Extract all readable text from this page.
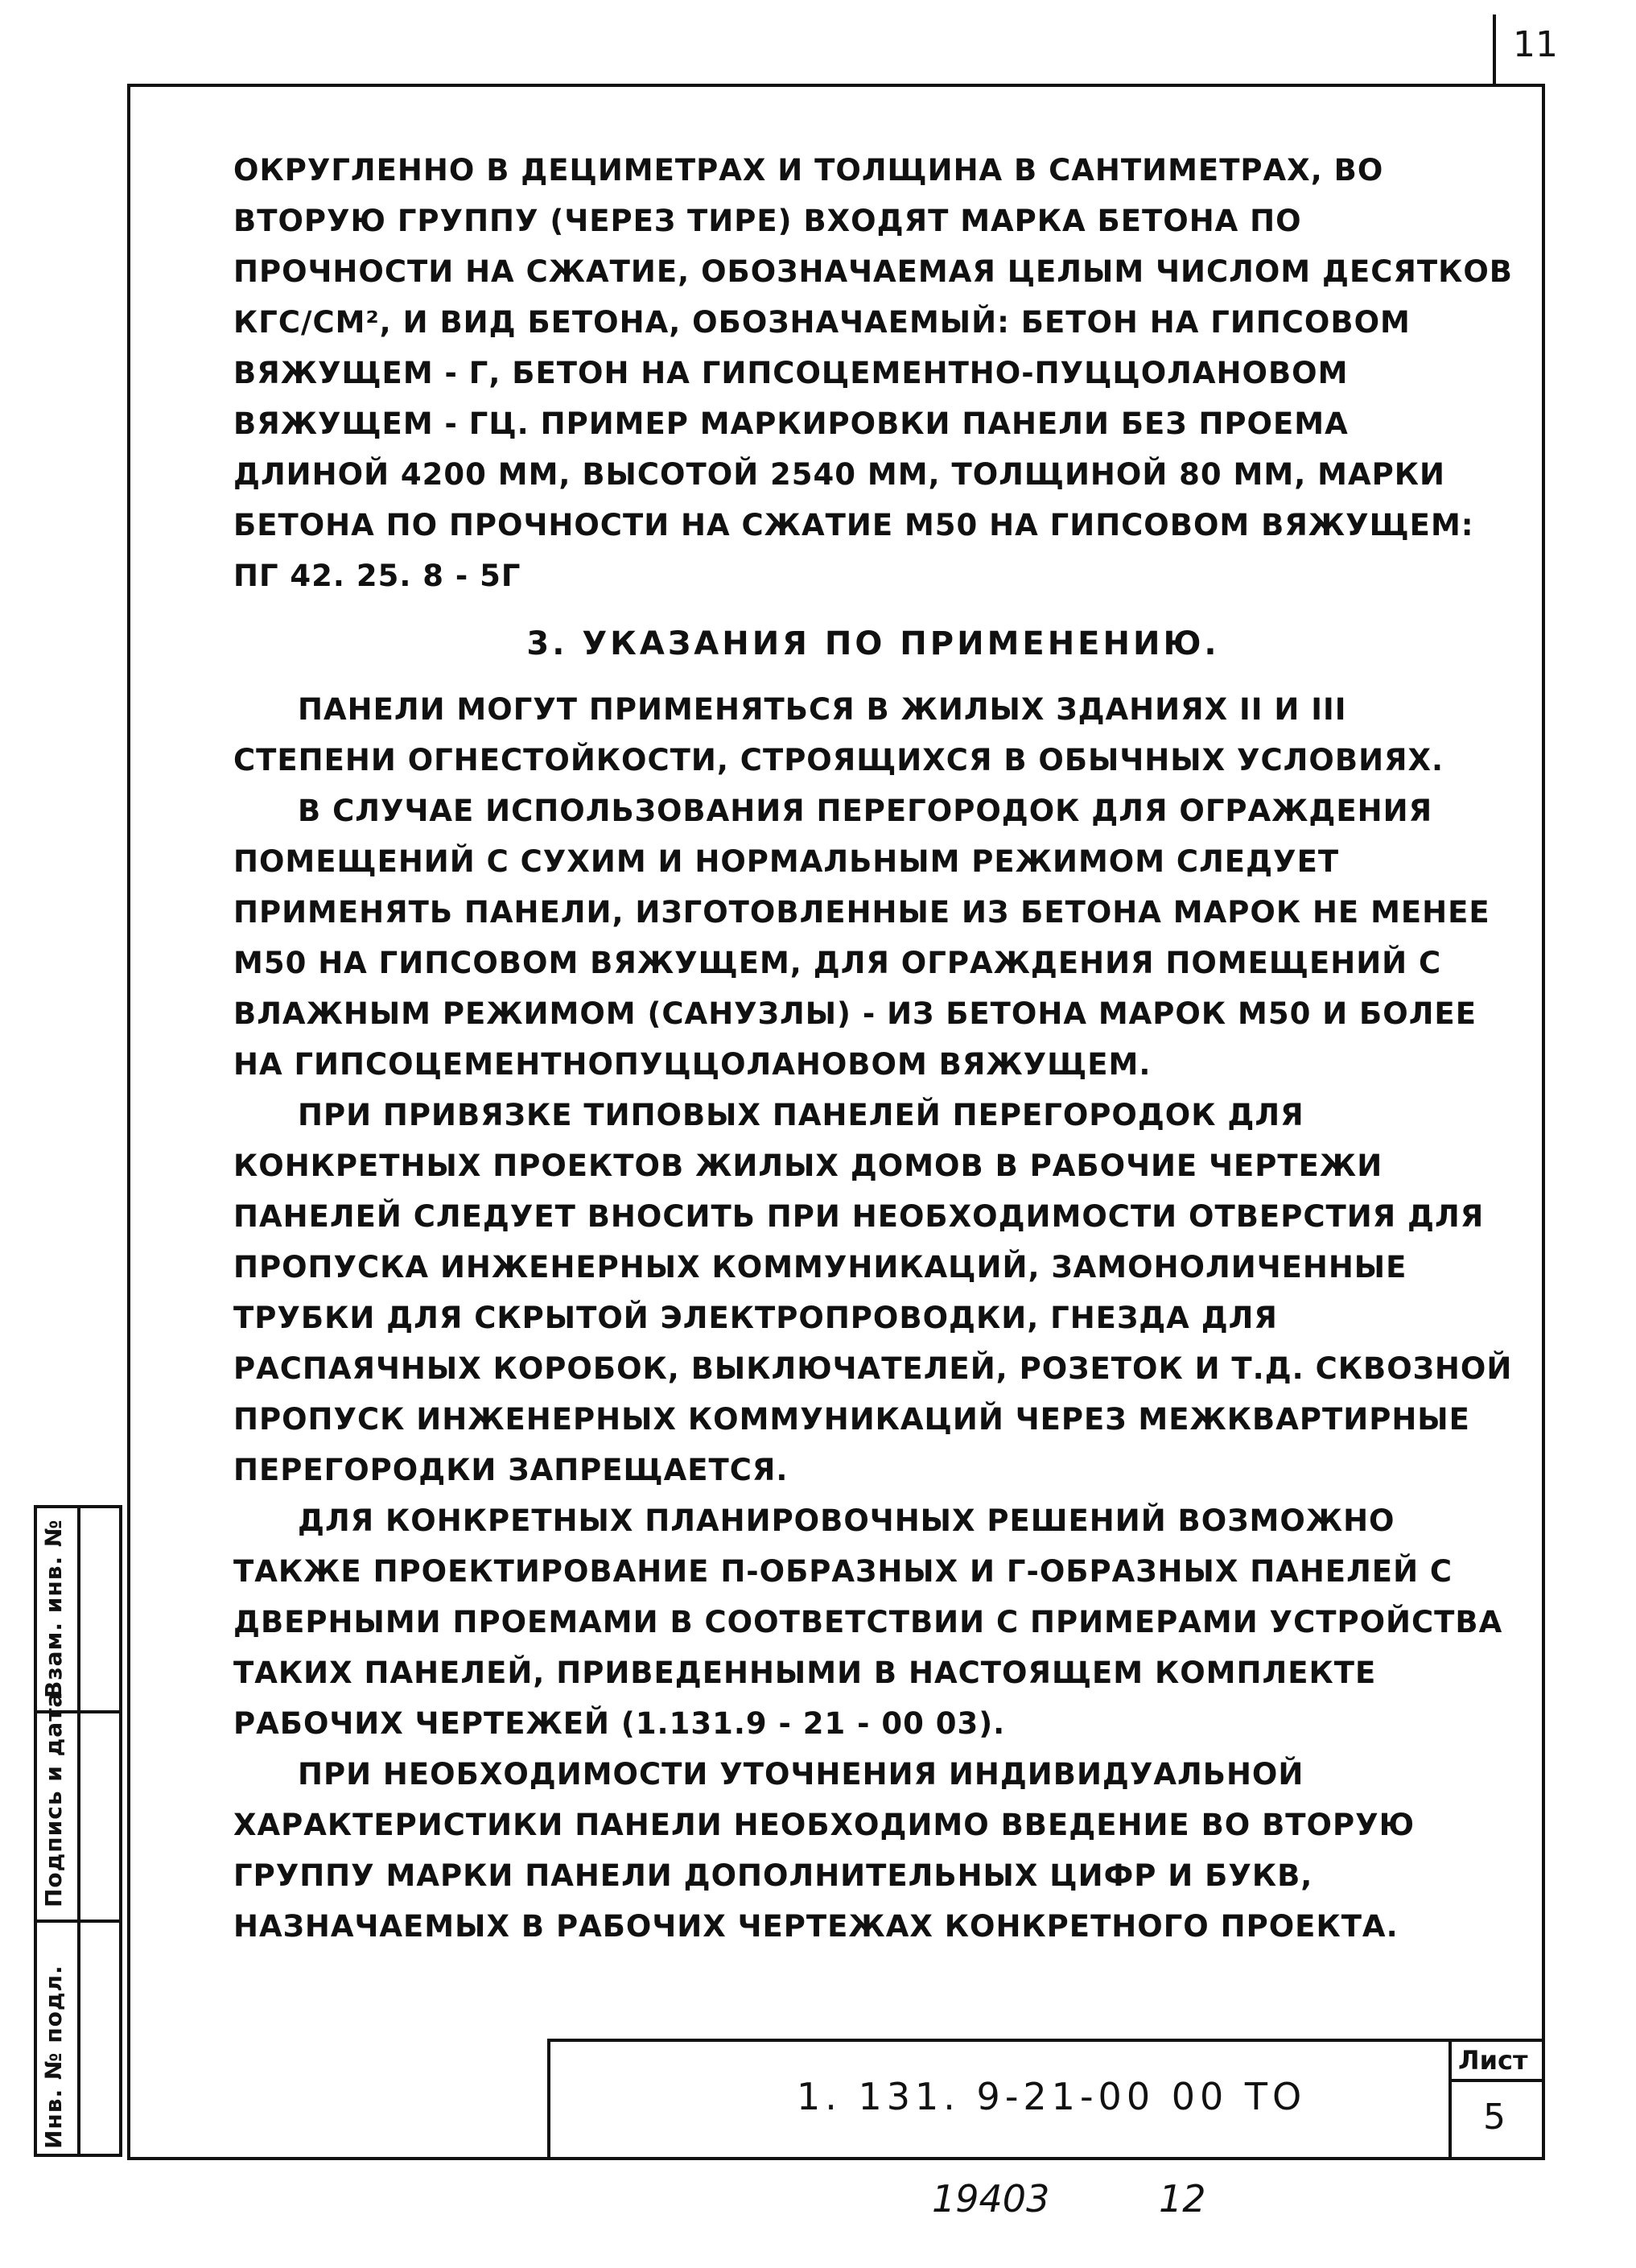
11

ОКРУГЛЕННО В ДЕЦИМЕТРАХ И ТОЛЩИНА В САНТИМЕТРАХ, ВО ВТОРУЮ ГРУППУ (ЧЕРЕЗ ТИРЕ) ВХОДЯТ МАРКА БЕТОНА ПО ПРОЧНОСТИ НА СЖАТИЕ, ОБОЗНАЧАЕМАЯ ЦЕЛЫМ ЧИСЛОМ ДЕСЯТКОВ КГС/СМ², И ВИД БЕТОНА, ОБОЗНАЧАЕМЫЙ: БЕТОН НА ГИПСОВОМ ВЯЖУЩЕМ - Г, БЕТОН НА ГИПСОЦЕМЕНТНО-ПУЦЦОЛАНОВОМ ВЯЖУЩЕМ - ГЦ. ПРИМЕР МАРКИРОВКИ ПАНЕЛИ БЕЗ ПРОЕМА ДЛИНОЙ 4200 ММ, ВЫСОТОЙ 2540 ММ, ТОЛЩИНОЙ 80 ММ, МАРКИ БЕТОНА ПО ПРОЧНОСТИ НА СЖАТИЕ М50 НА ГИПСОВОМ ВЯЖУЩЕМ: ПГ 42. 25. 8 - 5Г

3. УКАЗАНИЯ ПО ПРИМЕНЕНИЮ.

ПАНЕЛИ МОГУТ ПРИМЕНЯТЬСЯ В ЖИЛЫХ ЗДАНИЯХ II И III СТЕПЕНИ ОГНЕСТОЙКОСТИ, СТРОЯЩИХСЯ В ОБЫЧНЫХ УСЛОВИЯХ.

В СЛУЧАЕ ИСПОЛЬЗОВАНИЯ ПЕРЕГОРОДОК ДЛЯ ОГРАЖДЕНИЯ ПОМЕЩЕНИЙ С СУХИМ И НОРМАЛЬНЫМ РЕЖИМОМ СЛЕДУЕТ ПРИМЕНЯТЬ ПАНЕЛИ, ИЗГОТОВЛЕННЫЕ ИЗ БЕТОНА МАРОК НЕ МЕНЕЕ М50 НА ГИПСОВОМ ВЯЖУЩЕМ, ДЛЯ ОГРАЖДЕНИЯ ПОМЕЩЕНИЙ С ВЛАЖНЫМ РЕЖИМОМ (САНУЗЛЫ) - ИЗ БЕТОНА МАРОК М50 И БОЛЕЕ НА ГИПСОЦЕМЕНТНОПУЦЦОЛАНОВОМ ВЯЖУЩЕМ.

ПРИ ПРИВЯЗКЕ ТИПОВЫХ ПАНЕЛЕЙ ПЕРЕГОРОДОК ДЛЯ КОНКРЕТНЫХ ПРОЕКТОВ ЖИЛЫХ ДОМОВ В РАБОЧИЕ ЧЕРТЕЖИ ПАНЕЛЕЙ СЛЕДУЕТ ВНОСИТЬ ПРИ НЕОБХОДИМОСТИ ОТВЕРСТИЯ ДЛЯ ПРОПУСКА ИНЖЕНЕРНЫХ КОММУНИКАЦИЙ, ЗАМОНОЛИЧЕННЫЕ ТРУБКИ ДЛЯ СКРЫТОЙ ЭЛЕКТРОПРОВОДКИ, ГНЕЗДА ДЛЯ РАСПАЯЧНЫХ КОРОБОК, ВЫКЛЮЧАТЕЛЕЙ, РОЗЕТОК И Т.Д. СКВОЗНОЙ ПРОПУСК ИНЖЕНЕРНЫХ КОММУНИКАЦИЙ ЧЕРЕЗ МЕЖКВАРТИРНЫЕ ПЕРЕГОРОДКИ ЗАПРЕЩАЕТСЯ.

ДЛЯ КОНКРЕТНЫХ ПЛАНИРОВОЧНЫХ РЕШЕНИЙ ВОЗМОЖНО ТАКЖЕ ПРОЕКТИРОВАНИЕ П-ОБРАЗНЫХ И Г-ОБРАЗНЫХ ПАНЕЛЕЙ С ДВЕРНЫМИ ПРОЕМАМИ В СООТВЕТСТВИИ С ПРИМЕРАМИ УСТРОЙСТВА ТАКИХ ПАНЕЛЕЙ, ПРИВЕДЕННЫМИ В НАСТОЯЩЕМ КОМПЛЕКТЕ РАБОЧИХ ЧЕРТЕЖЕЙ (1.131.9 - 21 - 00 03).

ПРИ НЕОБХОДИМОСТИ УТОЧНЕНИЯ ИНДИВИДУАЛЬНОЙ ХАРАКТЕРИСТИКИ ПАНЕЛИ НЕОБХОДИМО ВВЕДЕНИЕ ВО ВТОРУЮ ГРУППУ МАРКИ ПАНЕЛИ ДОПОЛНИТЕЛЬНЫХ ЦИФР И БУКВ, НАЗНАЧАЕМЫХ В РАБОЧИХ ЧЕРТЕЖАХ КОНКРЕТНОГО ПРОЕКТА.

Инв. № подл.
Подпись и дата
Взам. инв. №
1. 131. 9-21-00 00 ТО
Лист
5
19403	12
